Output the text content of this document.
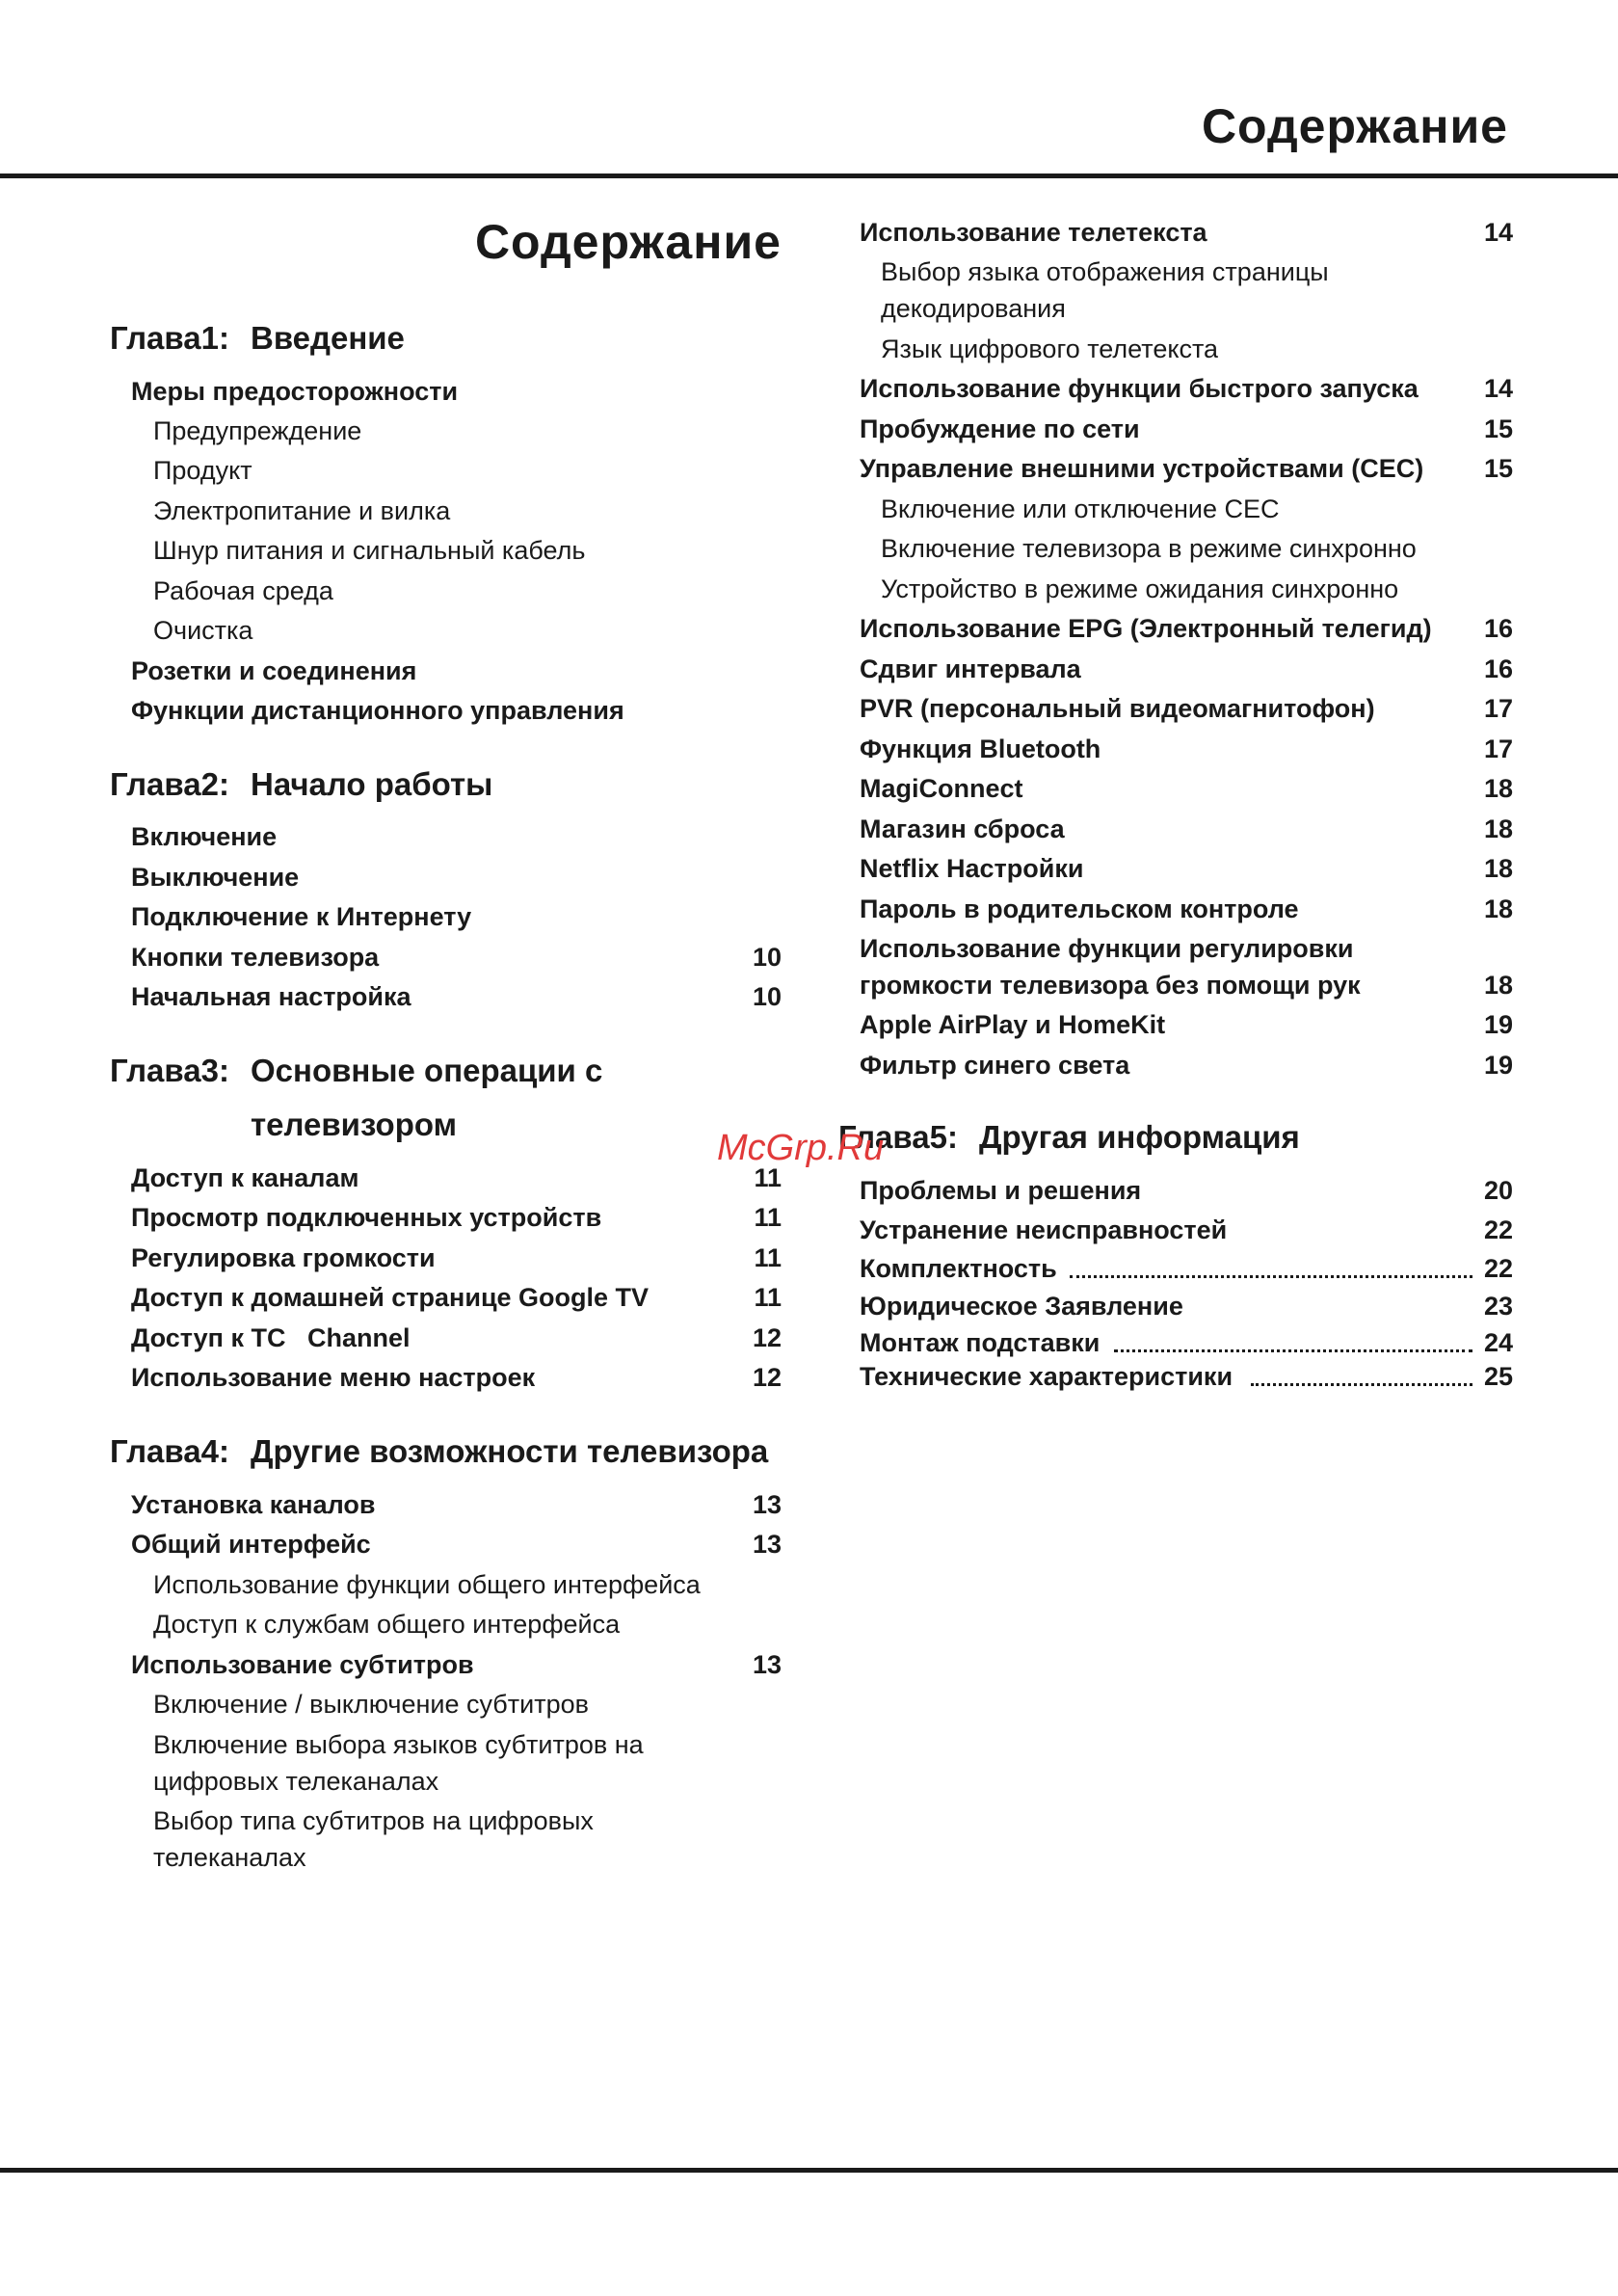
Содержание
Содержание
Глава1: Введение
Меры предосторожности
Предупреждение
Продукт
Электропитание и вилка
Шнур питания и сигнальный кабель
Рабочая среда
Очистка
Розетки и соединения
Функции дистанционного управления
Глава2: Начало работы
Включение
Выключение
Подключение к Интернету
Кнопки телевизора	10
Начальная настройка	10
Глава3: Основные операции с
телевизором
Доступ к каналам	11
Просмотр подключенных устройств	11
Регулировка громкости	11
Доступ к домашней странице Google TV	11
Доступ к TC   Channel	12
Использование меню настроек	12
Глава4: Другие возможности телевизора
Установка каналов	13
Общий интерфейс	13
Использование функции общего интерфейса
Доступ к службам общего интерфейса
Использование субтитров	13
Включение / выключение субтитров
Включение выбора языков субтитров на
цифровых телеканалах
Выбор типа субтитров на цифровых
телеканалах
Использование телетекста	14
Выбор языка отображения страницы
декодирования
Язык цифрового телетекста
Использование функции быстрого запуска	14
Пробуждение по сети	15
Управление внешними устройствами (CEC) 15
Включение или отключение CEC
Включение телевизора в режиме синхронно
Устройство в режиме ожидания синхронно
Использование EPG (Электронный телегид) 16
Сдвиг интервала	16
PVR (персональный видеомагнитофон)	17
Функция Bluetooth	17
MagiConnect	18
Магазин сброса	18
Netflix Настройки	18
Пароль в родительском контроле	18
Использование функции регулировки
громкости телевизора без помощи рук	18
Apple AirPlay и HomeKit	19
Фильтр синего света	19
Глава5: Другая информация
Проблемы и решения	20
Устранение неисправностей	22
Комплектность	22
Юридическое Заявление	23
Монтаж подставки	24
Технические характеристики	25
McGrp.Ru
